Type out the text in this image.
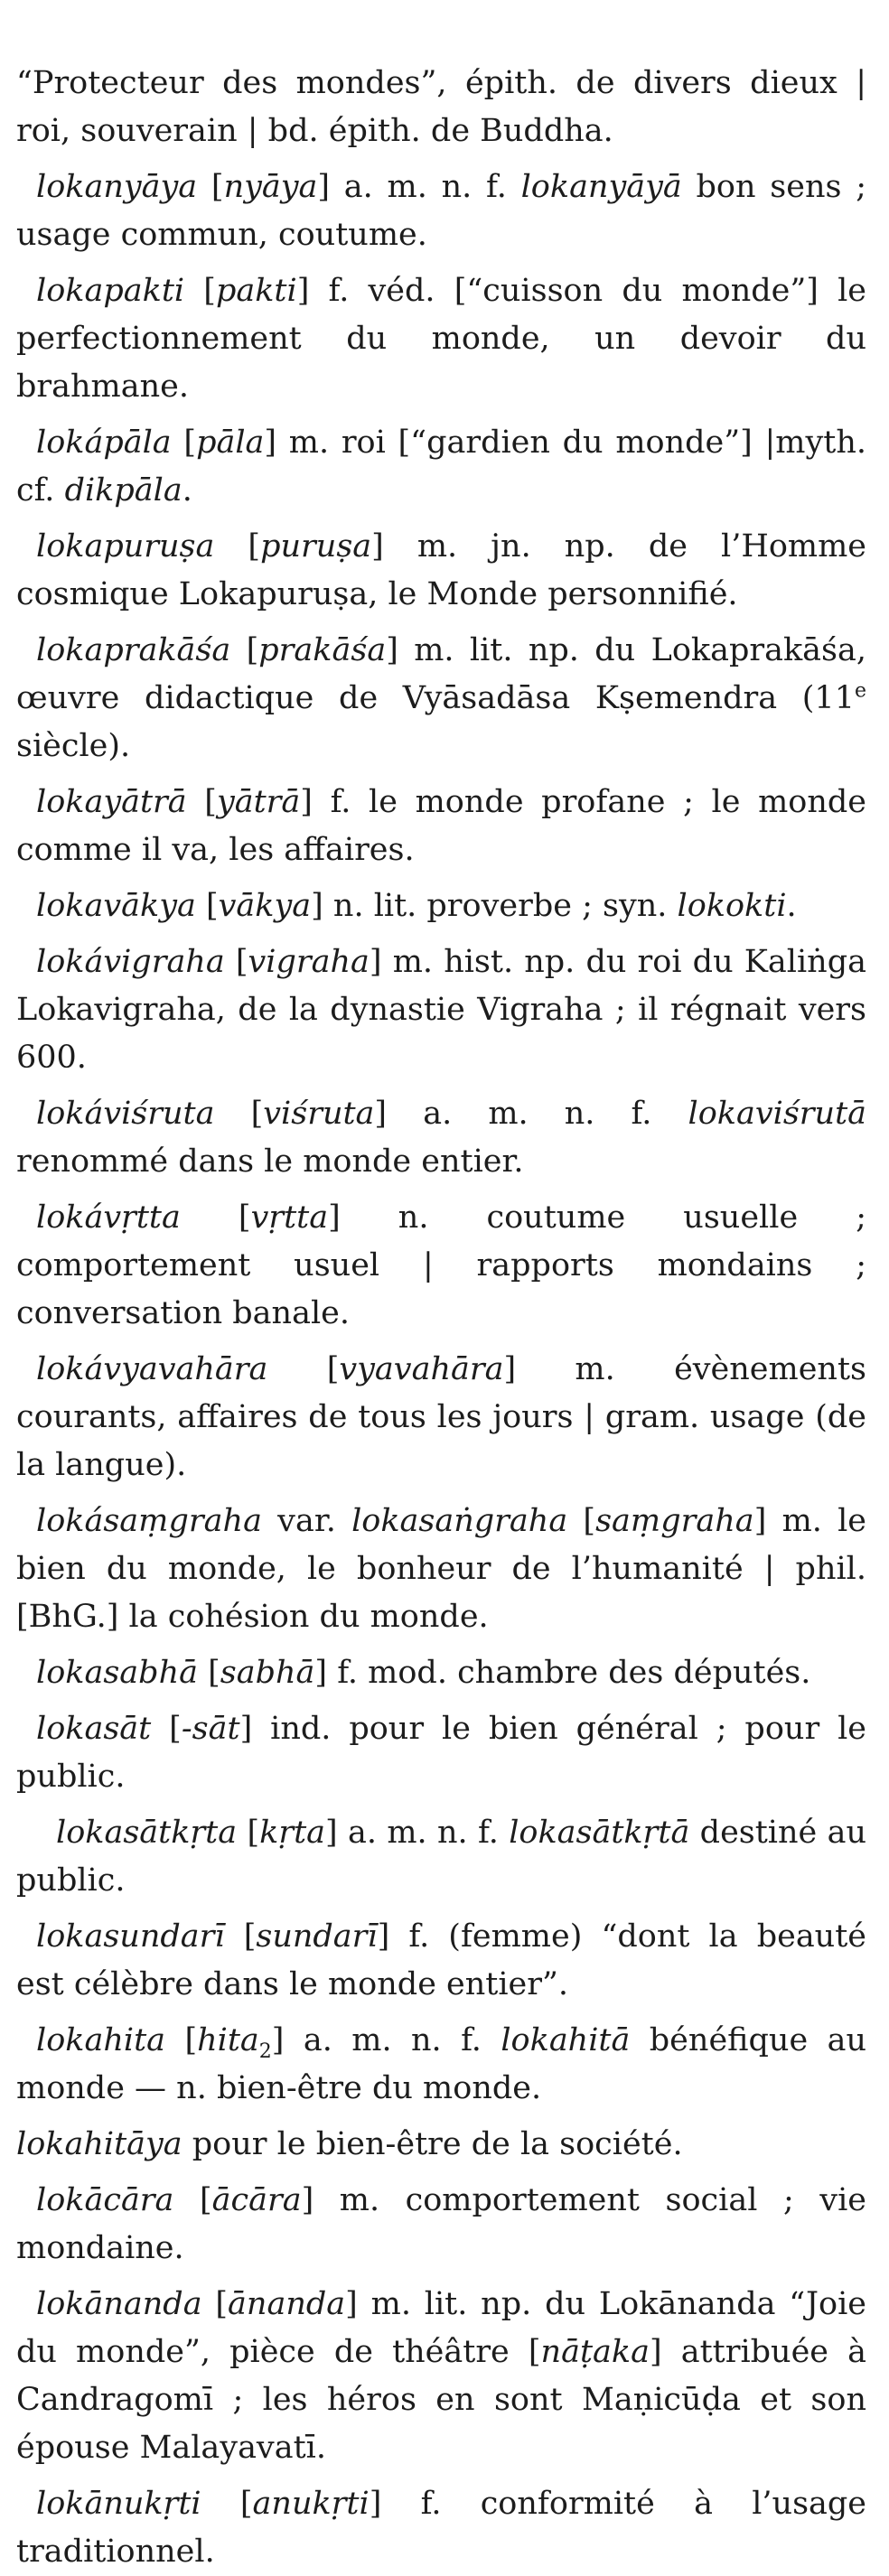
“Protecteur des mondes”, épith. de divers dieux | roi, souverain | bd. épith. de Buddha.

lokanyāya [nyāya] a. m. n. f. lokanyāyā bon sens ; usage commun, coutume.

lokapakti [pakti] f. véd. [“cuisson du monde”] le perfectionnement du monde, un devoir du brahmane.

lokápāla [pāla] m. roi [“gardien du monde”] |myth. cf. dikpāla.

lokapuruṣa [puruṣa] m. jn. np. de l’Homme cosmique Lokapuruṣa, le Monde personnifié.

lokaprakāśa [prakāśa] m. lit. np. du Lokaprakāśa, œuvre didactique de Vyāsadāsa Kṣemendra (11e siècle).

lokayātrā [yātrā] f. le monde profane ; le monde comme il va, les affaires.

lokavākya [vākya] n. lit. proverbe ; syn. lokokti.

lokávigraha [vigraha] m. hist. np. du roi du Kaliṅga Lokavigraha, de la dynastie Vigraha ; il régnait vers 600.

lokáviśruta [viśruta] a. m. n. f. lokaviśrutā renommé dans le monde entier.

lokávṛtta [vṛtta] n. coutume usuelle ; comportement usuel | rapports mondains ; conversation banale.

lokávyavahāra [vyavahāra] m. évènements courants, affaires de tous les jours | gram. usage (de la langue).

lokásaṃgraha var. lokasaṅgraha [saṃgraha] m. le bien du monde, le bonheur de l’humanité | phil. [BhG.] la cohésion du monde.

lokasabhā [sabhā] f. mod. chambre des députés.

lokasāt [-sāt] ind. pour le bien général ; pour le public.

lokasātkṛta [kṛta] a. m. n. f. lokasātkṛtā destiné au public.

lokasundarī [sundarī] f. (femme) “dont la beauté est célèbre dans le monde entier”.

lokahita [hita$_2$] a. m. n. f. lokahitā bénéfique au monde — n. bien-être du monde.

lokahitāya pour le bien-être de la société.

lokācāra [ācāra] m. comportement social ; vie mondaine.

lokānanda [ānanda] m. lit. np. du Lokānanda “Joie du monde”, pièce de théâtre [nāṭaka] attribuée à Candragomī ; les héros en sont Maṇicūḍa et son épouse Malayavatī.

lokānukṛti [anukṛti] f. conformité à l’usage traditionnel.
